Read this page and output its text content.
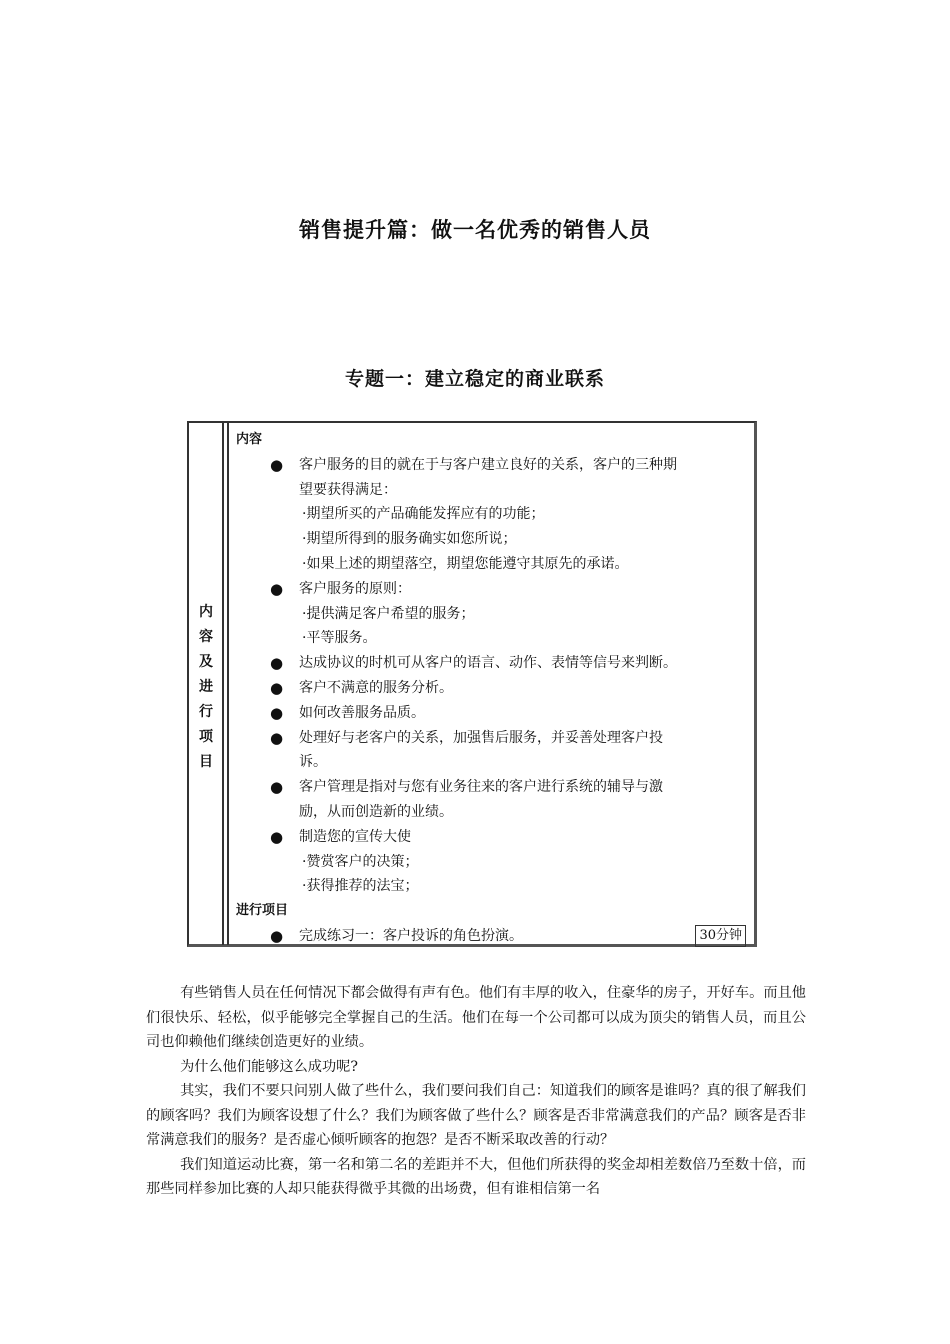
销售提升篇：做一名优秀的销售人员
专题一：建立稳定的商业联系
内
容
及
进
行
项
目
内容
● 客户服务的目的就在于与客户建立良好的关系，客户的三种期
望要获得满足：
·期望所买的产品确能发挥应有的功能；
·期望所得到的服务确实如您所说；
·如果上述的期望落空，期望您能遵守其原先的承诺。
● 客户服务的原则：
·提供满足客户希望的服务；
·平等服务。
● 达成协议的时机可从客户的语言、动作、表情等信号来判断。
● 客户不满意的服务分析。
● 如何改善服务品质。
● 处理好与老客户的关系，加强售后服务，并妥善处理客户投
诉。
● 客户管理是指对与您有业务往来的客户进行系统的辅导与激
励，从而创造新的业绩。
● 制造您的宣传大使
·赞赏客户的决策；
·获得推荐的法宝；
进行项目
● 完成练习一：客户投诉的角色扮演。	30分钟

有些销售人员在任何情况下都会做得有声有色。他们有丰厚的收入，住豪华的房子，开好车。而且他们很快乐、轻松，似乎能够完全掌握自己的生活。他们在每一个公司都可以成为顶尖的销售人员，而且公司也仰赖他们继续创造更好的业绩。

为什么他们能够这么成功呢?

其实，我们不要只问别人做了些什么，我们要问我们自己：知道我们的顾客是谁吗？真的很了解我们的顾客吗？我们为顾客设想了什么？我们为顾客做了些什么？顾客是否非常满意我们的产品？顾客是否非常满意我们的服务？是否虚心倾听顾客的抱怨？是否不断采取改善的行动？

我们知道运动比赛，第一名和第二名的差距并不大，但他们所获得的奖金却相差数倍乃至数十倍，而那些同样参加比赛的人却只能获得微乎其微的出场费，但有谁相信第一名
